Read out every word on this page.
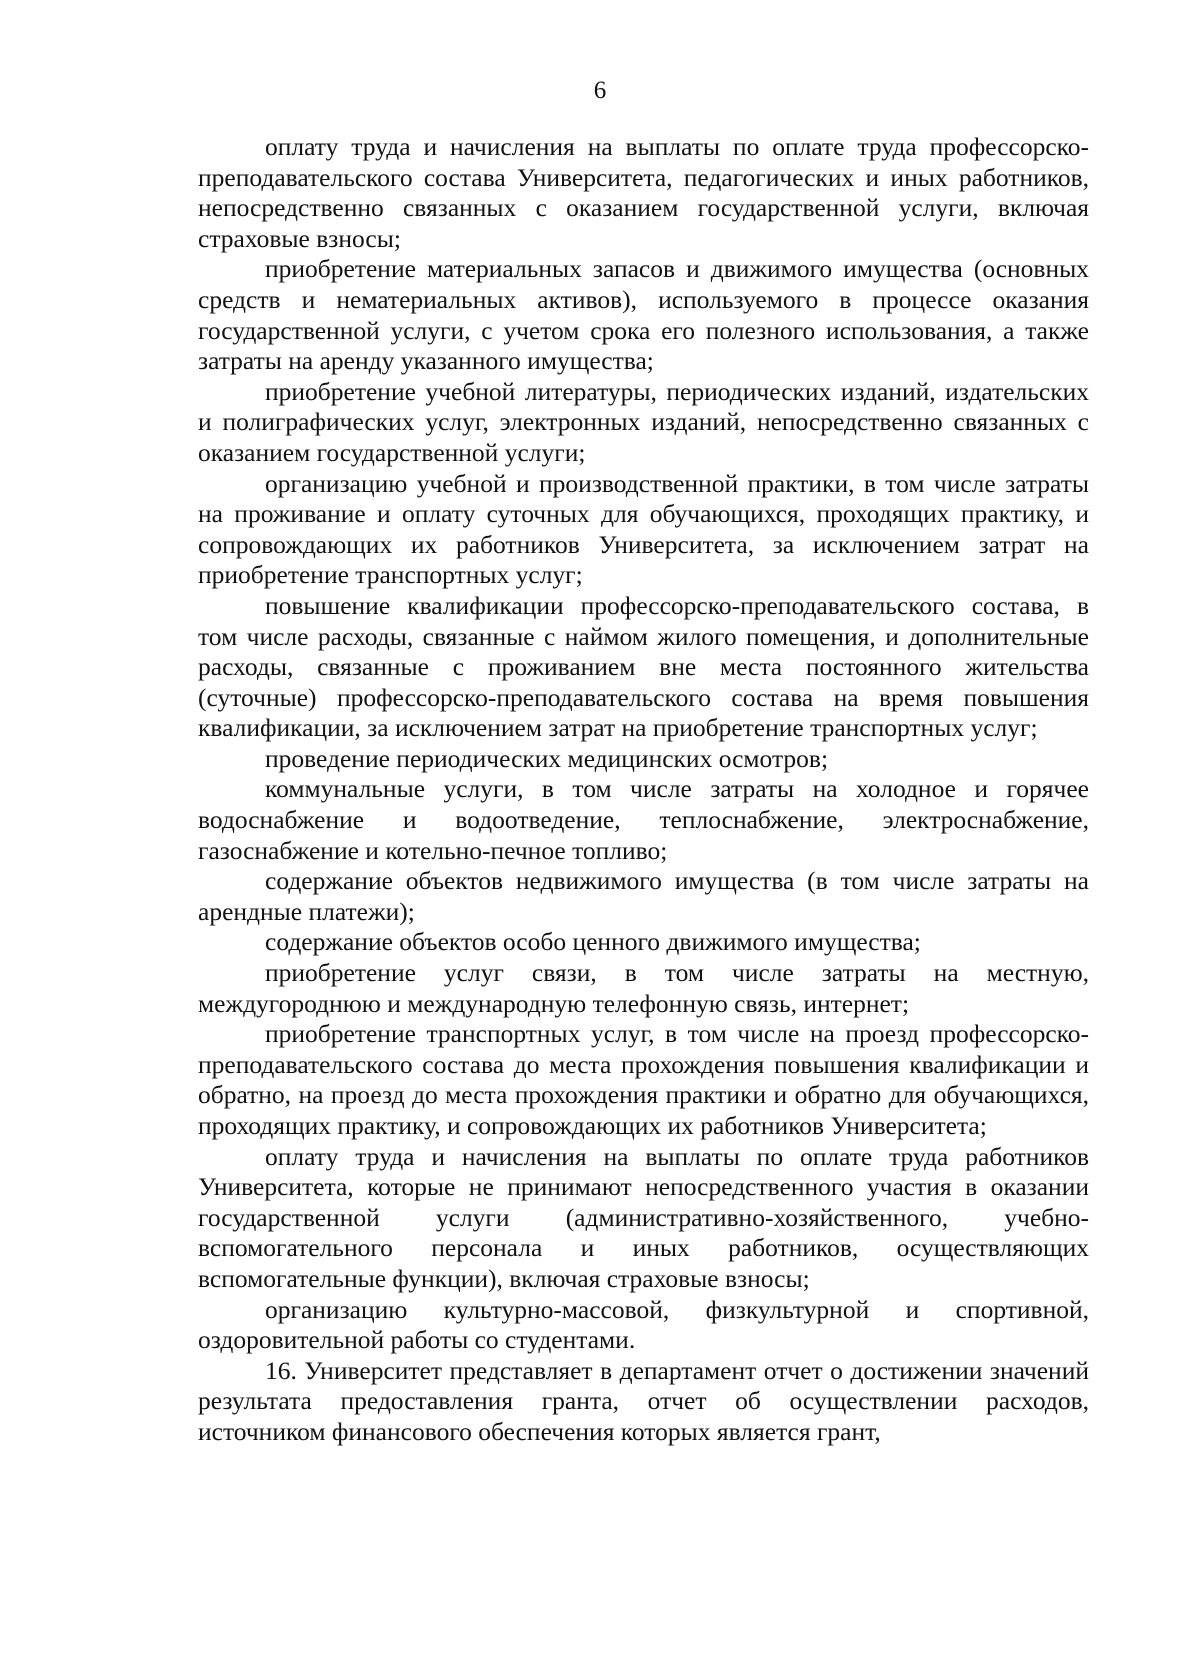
6

оплату труда и начисления на выплаты по оплате труда профессорско-преподавательского состава Университета, педагогических и иных работников, непосредственно связанных с оказанием государственной услуги, включая страховые взносы;

приобретение материальных запасов и движимого имущества (основных средств и нематериальных активов), используемого в процессе оказания государственной услуги, с учетом срока его полезного использования, а также затраты на аренду указанного имущества;

приобретение учебной литературы, периодических изданий, издательских и полиграфических услуг, электронных изданий, непосредственно связанных с оказанием государственной услуги;

организацию учебной и производственной практики, в том числе затраты на проживание и оплату суточных для обучающихся, проходящих практику, и сопровождающих их работников Университета, за исключением затрат на приобретение транспортных услуг;

повышение квалификации профессорско-преподавательского состава, в том числе расходы, связанные с наймом жилого помещения, и дополнительные расходы, связанные с проживанием вне места постоянного жительства (суточные) профессорско-преподавательского состава на время повышения квалификации, за исключением затрат на приобретение транспортных услуг;

проведение периодических медицинских осмотров;

коммунальные услуги, в том числе затраты на холодное и горячее водоснабжение и водоотведение, теплоснабжение, электроснабжение, газоснабжение и котельно-печное топливо;

содержание объектов недвижимого имущества (в том числе затраты на арендные платежи);

содержание объектов особо ценного движимого имущества;

приобретение услуг связи, в том числе затраты на местную, междугороднюю и международную телефонную связь, интернет;

приобретение транспортных услуг, в том числе на проезд профессорско-преподавательского состава до места прохождения повышения квалификации и обратно, на проезд до места прохождения практики и обратно для обучающихся, проходящих практику, и сопровождающих их работников Университета;

оплату труда и начисления на выплаты по оплате труда работников Университета, которые не принимают непосредственного участия в оказании государственной услуги (административно-хозяйственного, учебно-вспомогательного персонала и иных работников, осуществляющих вспомогательные функции), включая страховые взносы;

организацию культурно-массовой, физкультурной и спортивной, оздоровительной работы со студентами.

16. Университет представляет в департамент отчет о достижении значений результата предоставления гранта, отчет об осуществлении расходов, источником финансового обеспечения которых является грант,
